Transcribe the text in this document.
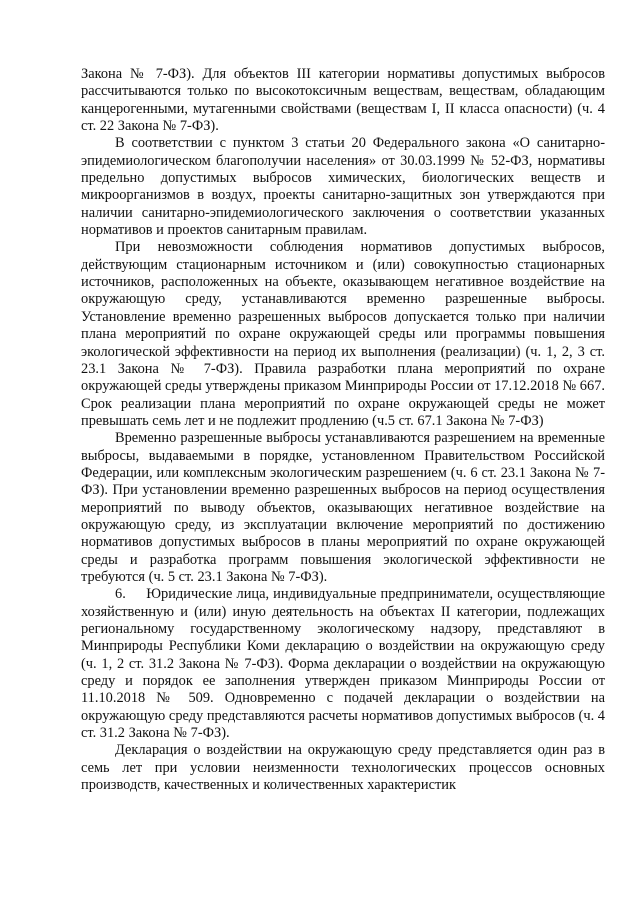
Закона № 7-ФЗ). Для объектов III категории нормативы допустимых выбросов рассчитываются только по высокотоксичным веществам, веществам, обладающим канцерогенными, мутагенными свойствами (веществам I, II класса опасности) (ч. 4 ст. 22 Закона № 7-ФЗ).

В соответствии с пунктом 3 статьи 20 Федерального закона «О санитарно-эпидемиологическом благополучии населения» от 30.03.1999 № 52-ФЗ, нормативы предельно допустимых выбросов химических, биологических веществ и микроорганизмов в воздух, проекты санитарно-защитных зон утверждаются при наличии санитарно-эпидемиологического заключения о соответствии указанных нормативов и проектов санитарным правилам.

При невозможности соблюдения нормативов допустимых выбросов, действующим стационарным источником и (или) совокупностью стационарных источников, расположенных на объекте, оказывающем негативное воздействие на окружающую среду, устанавливаются временно разрешенные выбросы. Установление временно разрешенных выбросов допускается только при наличии плана мероприятий по охране окружающей среды или программы повышения экологической эффективности на период их выполнения (реализации) (ч. 1, 2, 3 ст. 23.1 Закона № 7-ФЗ). Правила разработки плана мероприятий по охране окружающей среды утверждены приказом Минприроды России от 17.12.2018 № 667. Срок реализации плана мероприятий по охране окружающей среды не может превышать семь лет и не подлежит продлению (ч.5 ст. 67.1 Закона № 7-ФЗ)

Временно разрешенные выбросы устанавливаются разрешением на временные выбросы, выдаваемыми в порядке, установленном Правительством Российской Федерации, или комплексным экологическим разрешением (ч. 6 ст. 23.1 Закона № 7-ФЗ). При установлении временно разрешенных выбросов на период осуществления мероприятий по выводу объектов, оказывающих негативное воздействие на окружающую среду, из эксплуатации включение мероприятий по достижению нормативов допустимых выбросов в планы мероприятий по охране окружающей среды и разработка программ повышения экологической эффективности не требуются (ч. 5 ст. 23.1 Закона № 7-ФЗ).

6.     Юридические лица, индивидуальные предприниматели, осуществляющие хозяйственную и (или) иную деятельность на объектах II категории, подлежащих региональному государственному экологическому надзору, представляют в Минприроды Республики Коми декларацию о воздействии на окружающую среду (ч. 1, 2 ст. 31.2 Закона № 7-ФЗ). Форма декларации о воздействии на окружающую среду и порядок ее заполнения утвержден приказом Минприроды России от 11.10.2018 № 509. Одновременно с подачей декларации о воздействии на окружающую среду представляются расчеты нормативов допустимых выбросов (ч. 4 ст. 31.2 Закона № 7-ФЗ).

Декларация о воздействии на окружающую среду представляется один раз в семь лет при условии неизменности технологических процессов основных производств, качественных и количественных характеристик
